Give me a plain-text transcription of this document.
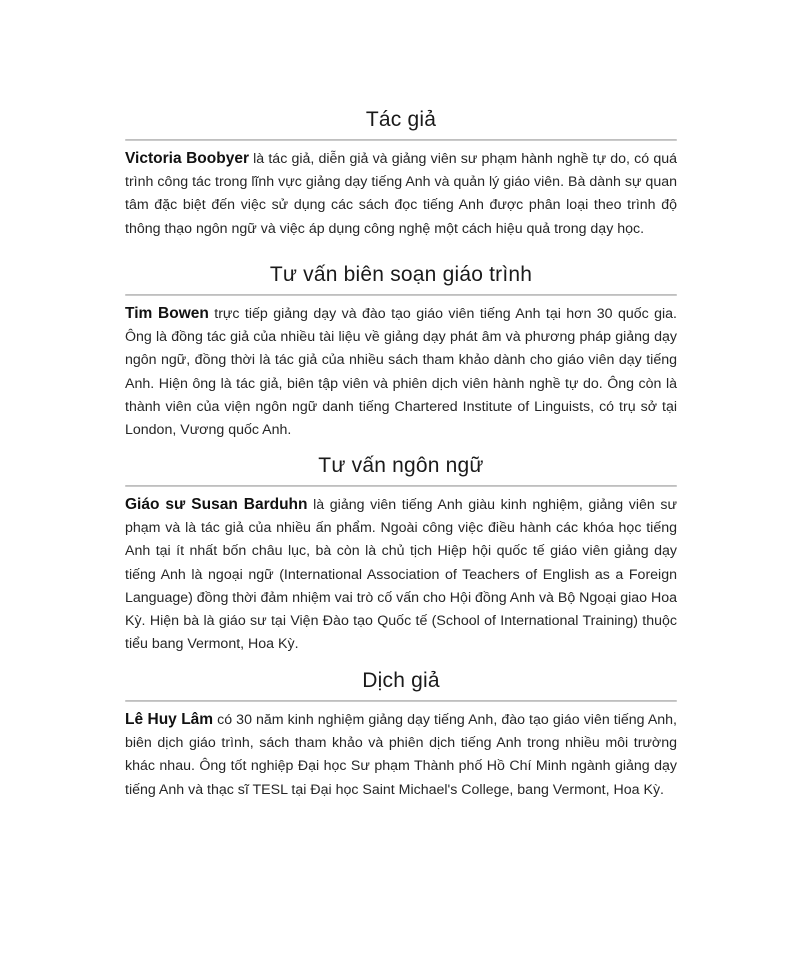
Tác giả

Victoria Boobyer là tác giả, diễn giả và giảng viên sư phạm hành nghề tự do, có quá trình công tác trong lĩnh vực giảng dạy tiếng Anh và quản lý giáo viên. Bà dành sự quan tâm đặc biệt đến việc sử dụng các sách đọc tiếng Anh được phân loại theo trình độ thông thạo ngôn ngữ và việc áp dụng công nghệ một cách hiệu quả trong dạy học.

Tư vấn biên soạn giáo trình

Tim Bowen trực tiếp giảng dạy và đào tạo giáo viên tiếng Anh tại hơn 30 quốc gia. Ông là đồng tác giả của nhiều tài liệu về giảng dạy phát âm và phương pháp giảng dạy ngôn ngữ, đồng thời là tác giả của nhiều sách tham khảo dành cho giáo viên dạy tiếng Anh. Hiện ông là tác giả, biên tập viên và phiên dịch viên hành nghề tự do. Ông còn là thành viên của viện ngôn ngữ danh tiếng Chartered Institute of Linguists, có trụ sở tại London, Vương quốc Anh.

Tư vấn ngôn ngữ

Giáo sư Susan Barduhn là giảng viên tiếng Anh giàu kinh nghiệm, giảng viên sư phạm và là tác giả của nhiều ấn phẩm. Ngoài công việc điều hành các khóa học tiếng Anh tại ít nhất bốn châu lục, bà còn là chủ tịch Hiệp hội quốc tế giáo viên giảng dạy tiếng Anh là ngoại ngữ (International Association of Teachers of English as a Foreign Language) đồng thời đảm nhiệm vai trò cố vấn cho Hội đồng Anh và Bộ Ngoại giao Hoa Kỳ. Hiện bà là giáo sư tại Viện Đào tạo Quốc tế (School of International Training) thuộc tiểu bang Vermont, Hoa Kỳ.

Dịch giả

Lê Huy Lâm có 30 năm kinh nghiệm giảng dạy tiếng Anh, đào tạo giáo viên tiếng Anh, biên dịch giáo trình, sách tham khảo và phiên dịch tiếng Anh trong nhiều môi trường khác nhau. Ông tốt nghiệp Đại học Sư phạm Thành phố Hồ Chí Minh ngành giảng dạy tiếng Anh và thạc sĩ TESL tại Đại học Saint Michael's College, bang Vermont, Hoa Kỳ.
